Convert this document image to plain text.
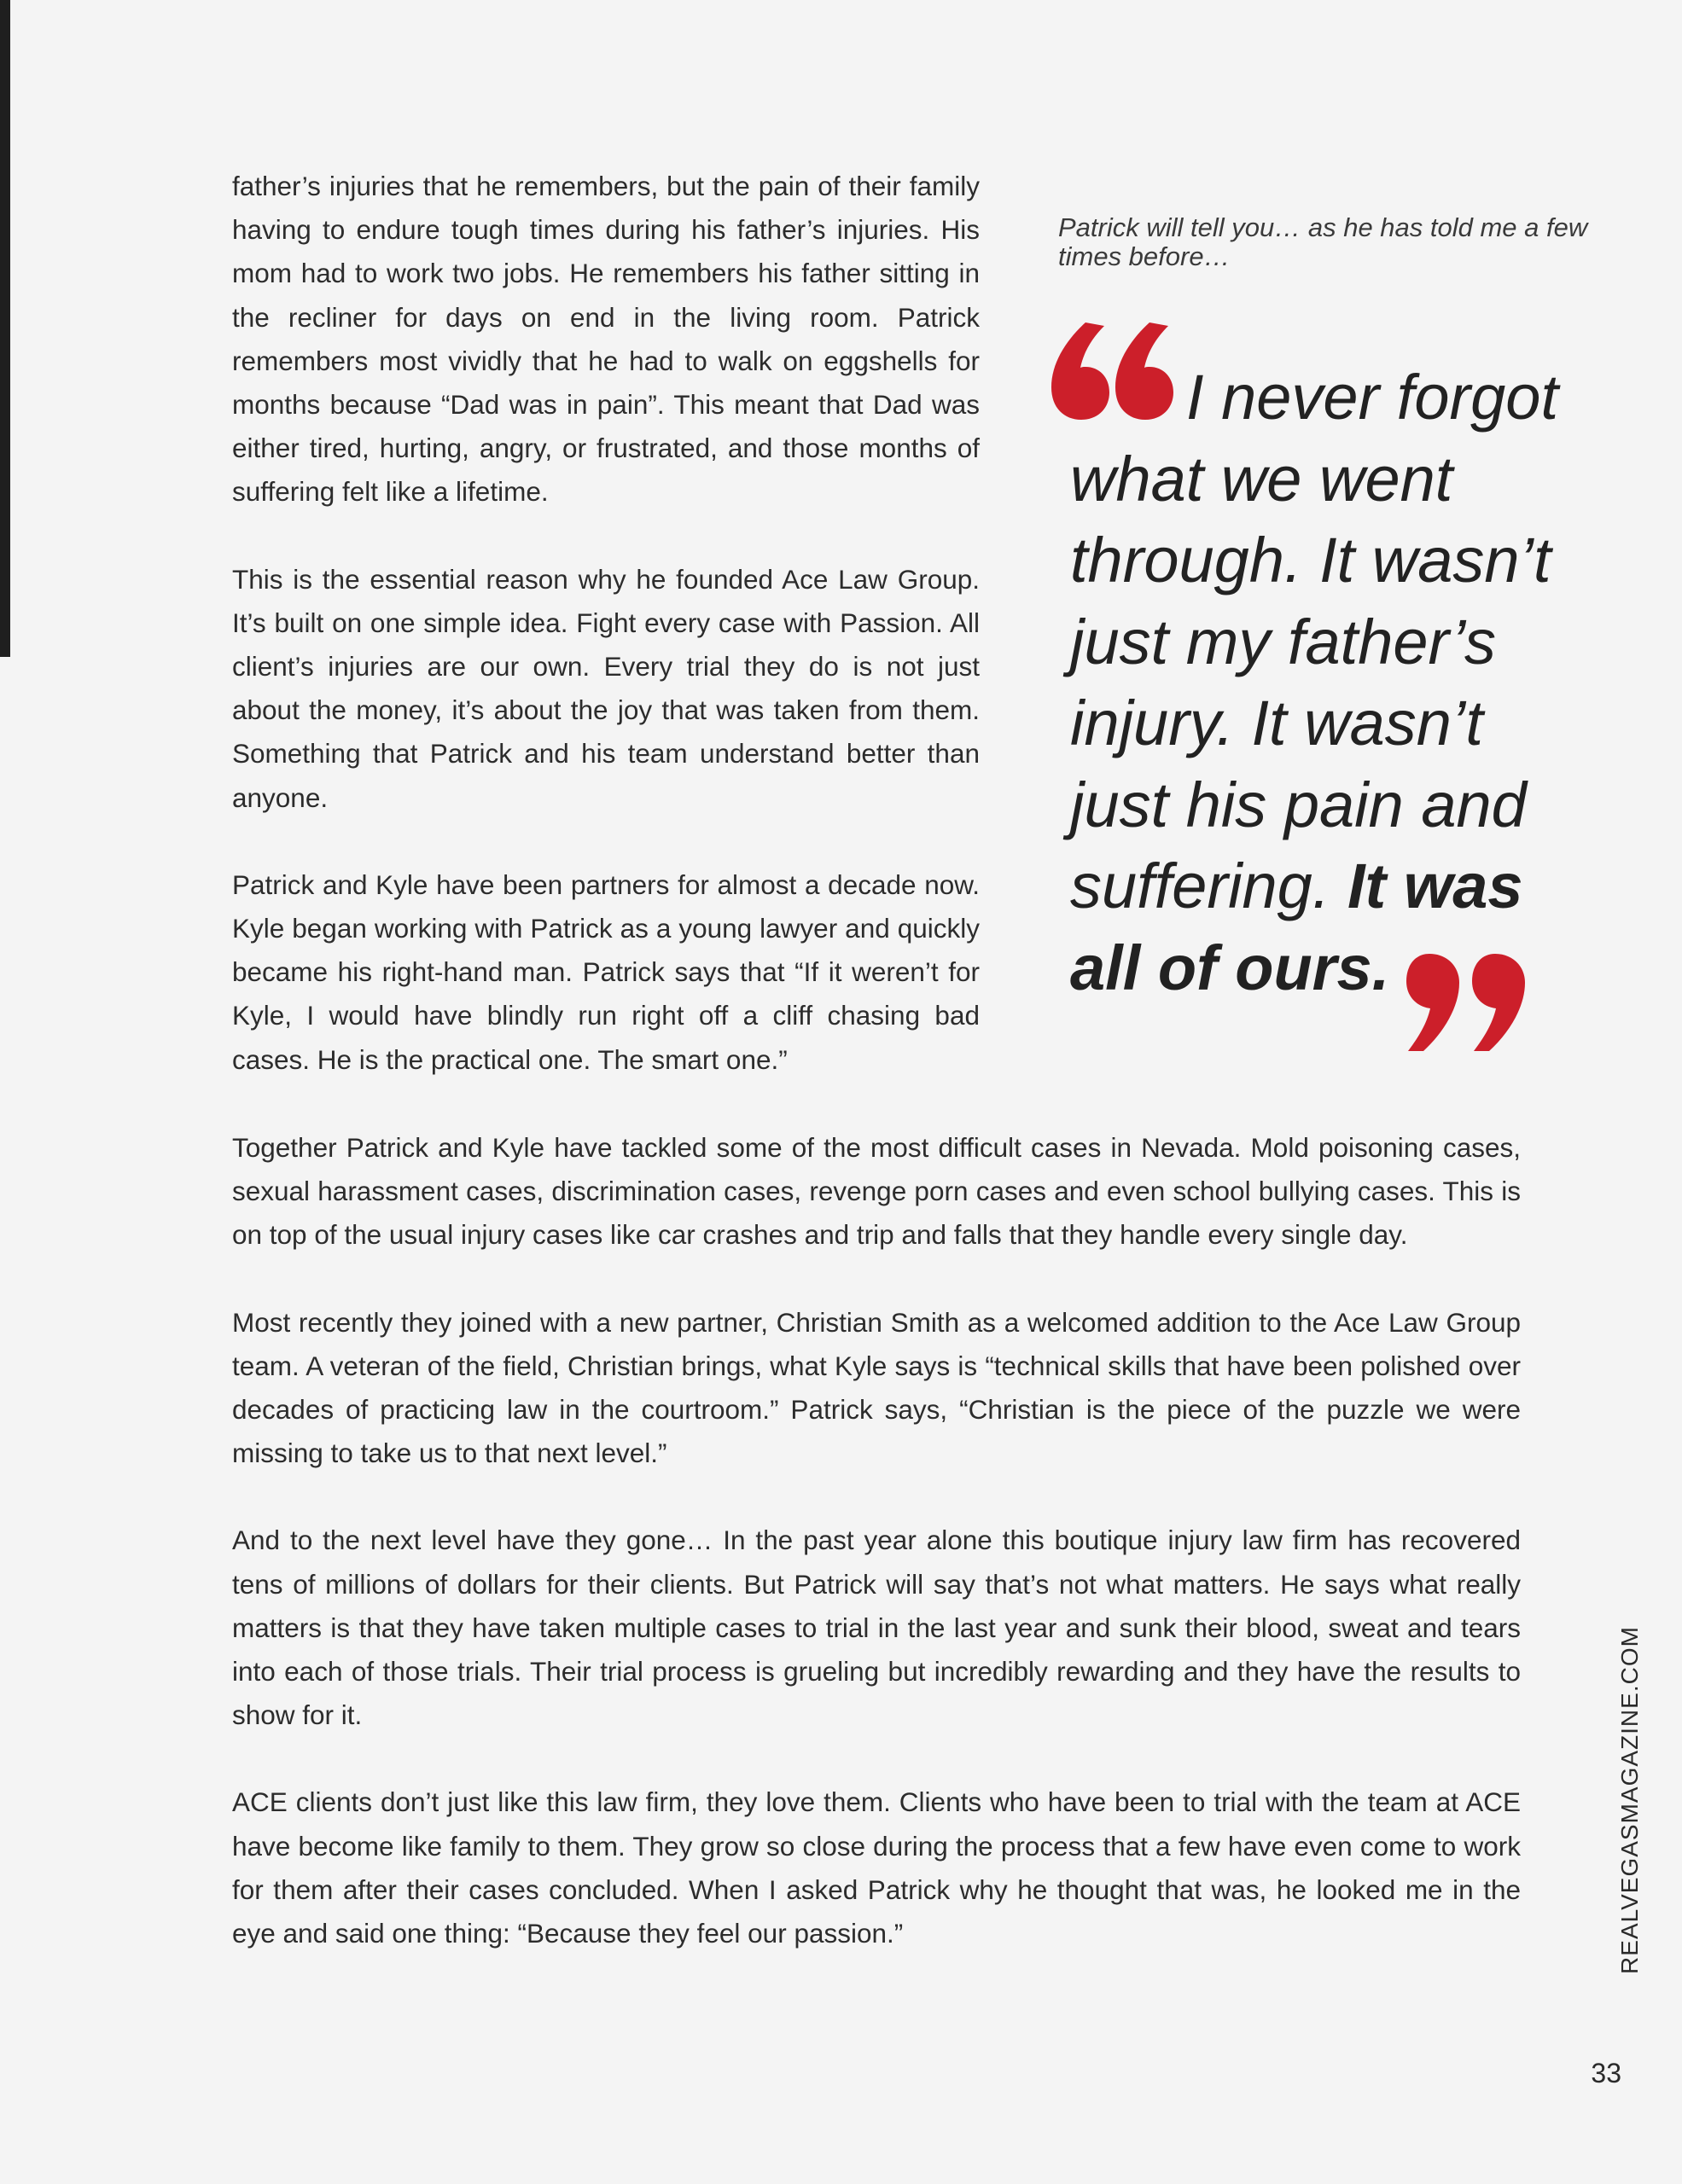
father’s injuries that he remembers, but the pain of their family having to endure tough times during his father’s injuries. His mom had to work two jobs. He remembers his father sitting in the recliner for days on end in the living room. Patrick remembers most vividly that he had to walk on eggshells for months because “Dad was in pain”. This meant that Dad was either tired, hurting, angry, or frustrated, and those months of suffering felt like a lifetime.

This is the essential reason why he founded Ace Law Group. It’s built on one simple idea. Fight every case with Passion. All client’s injuries are our own. Every trial they do is not just about the money, it’s about the joy that was taken from them. Something that Patrick and his team understand better than anyone.

Patrick and Kyle have been partners for almost a decade now. Kyle began working with Patrick as a young lawyer and quickly became his right-hand man. Patrick says that “If it weren’t for Kyle, I would have blindly run right off a cliff chasing bad cases. He is the practical one. The smart one.”

Patrick will tell you… as he has told me a few times before…
I never forgot
what we went
through. It wasn’t
just my father’s
injury. It wasn’t
just his pain and
suffering. It was
all of ours.

Together Patrick and Kyle have tackled some of the most difficult cases in Nevada. Mold poisoning cases, sexual harassment cases, discrimination cases, revenge porn cases and even school bullying cases. This is on top of the usual injury cases like car crashes and trip and falls that they handle every single day.

Most recently they joined with a new partner, Christian Smith as a welcomed addition to the Ace Law Group team. A veteran of the field, Christian brings, what Kyle says is “technical skills that have been polished over decades of practicing law in the courtroom.” Patrick says, “Christian is the piece of the puzzle we were missing to take us to that next level.”

And to the next level have they gone… In the past year alone this boutique injury law firm has recovered tens of millions of dollars for their clients. But Patrick will say that’s not what matters. He says what really matters is that they have taken multiple cases to trial in the last year and sunk their blood, sweat and tears into each of those trials. Their trial process is grueling but incredibly rewarding and they have the results to show for it.

ACE clients don’t just like this law firm, they love them. Clients who have been to trial with the team at ACE have become like family to them. They grow so close during the process that a few have even come to work for them after their cases concluded. When I asked Patrick why he thought that was, he looked me in the eye and said one thing: “Because they feel our passion.”	REALVEGASMAGAZINE.COM
33
